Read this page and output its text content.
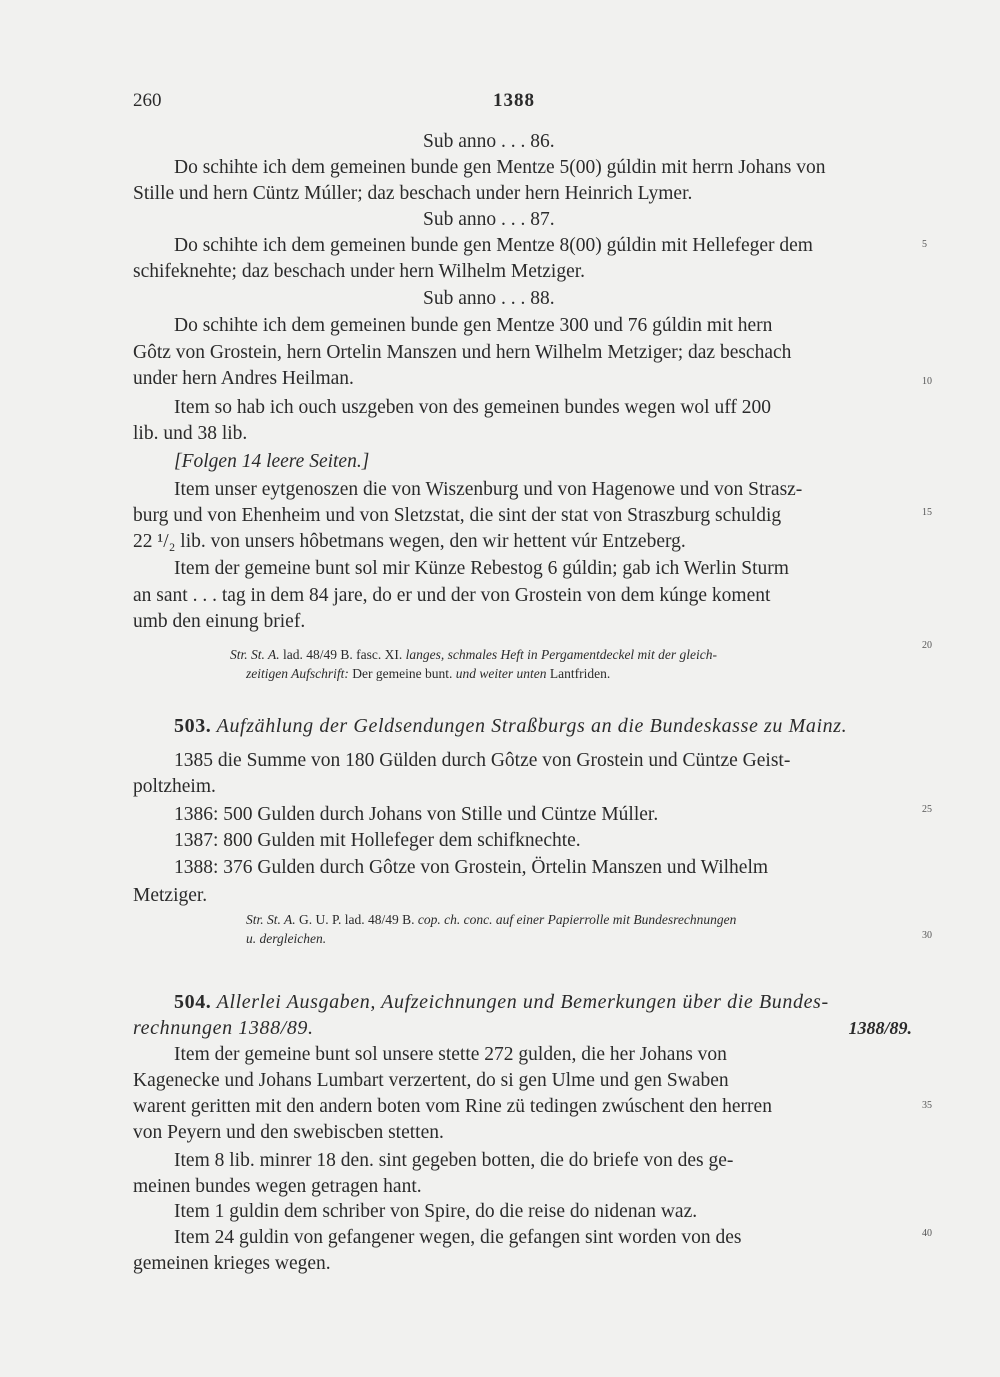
260	1388
Sub anno . . . 86.
Do schihte ich dem gemeinen bunde gen Mentze 5(00) gúldin mit herrn Johans von
Stille und hern Cüntz Múller; daz beschach under hern Heinrich Lymer.
Sub anno . . . 87.
Do schihte ich dem gemeinen bunde gen Mentze 8(00) gúldin mit Hellefeger dem
schifeknehte; daz beschach under hern Wilhelm Metziger.
Sub anno . . . 88.
Do schihte ich dem gemeinen bunde gen Mentze 300 und 76 gúldin mit hern
Gôtz von Grostein, hern Ortelin Manszen und hern Wilhelm Metziger; daz beschach
under hern Andres Heilman.
Item so hab ich ouch uszgeben von des gemeinen bundes wegen wol uff 200
lib. und 38 lib.
[Folgen 14 leere Seiten.]
Item unser eytgenoszen die von Wiszenburg und von Hagenowe und von Strasz-
burg und von Ehenheim und von Sletzstat, die sint der stat von Straszburg schuldig
22 ¹/₂ lib. von unsers hôbetmans wegen, den wir hettent vúr Entzeberg.
Item der gemeine bunt sol mir Künze Rebestog 6 gúldin; gab ich Werlin Sturm
an sant . . . tag in dem 84 jare, do er und der von Grostein von dem kúnge koment
umb den einung brief.
Str. St. A. lad. 48/49 B. fasc. XI. langes, schmales Heft in Pergamentdeckel mit der gleich-
zeitigen Aufschrift: Der gemeine bunt. und weiter unten Lantfriden.
503. Aufzählung der Geldsendungen Straßburgs an die Bundeskasse zu Mainz.
1385 die Summe von 180 Gülden durch Gôtze von Grostein und Cüntze Geist-
poltzheim.
1386: 500 Gulden durch Johans von Stille und Cüntze Múller.
1387: 800 Gulden mit Hollefeger dem schifknechte.
1388: 376 Gulden durch Gôtze von Grostein, Örtelin Manszen und Wilhelm
Metziger.
Str. St. A. G. U. P. lad. 48/49 B. cop. ch. conc. auf einer Papierrolle mit Bundesrechnungen
u. dergleichen.
504. Allerlei Ausgaben, Aufzeichnungen und Bemerkungen über die Bundes-
rechnungen 1388/89.	1388/89.
Item der gemeine bunt sol unsere stette 272 gulden, die her Johans von
Kagenecke und Johans Lumbart verzertent, do si gen Ulme und gen Swaben
warent geritten mit den andern boten vom Rine zü tedingen zwúschent den herren
von Peyern und den swebiscben stetten.
Item 8 lib. minrer 18 den. sint gegeben botten, die do briefe von des ge-
meinen bundes wegen getragen hant.
Item 1 guldin dem schriber von Spire, do die reise do nidenan waz.
Item 24 guldin von gefangener wegen, die gefangen sint worden von des
gemeinen krieges wegen.
5
10
15
20
25
30
35
40
